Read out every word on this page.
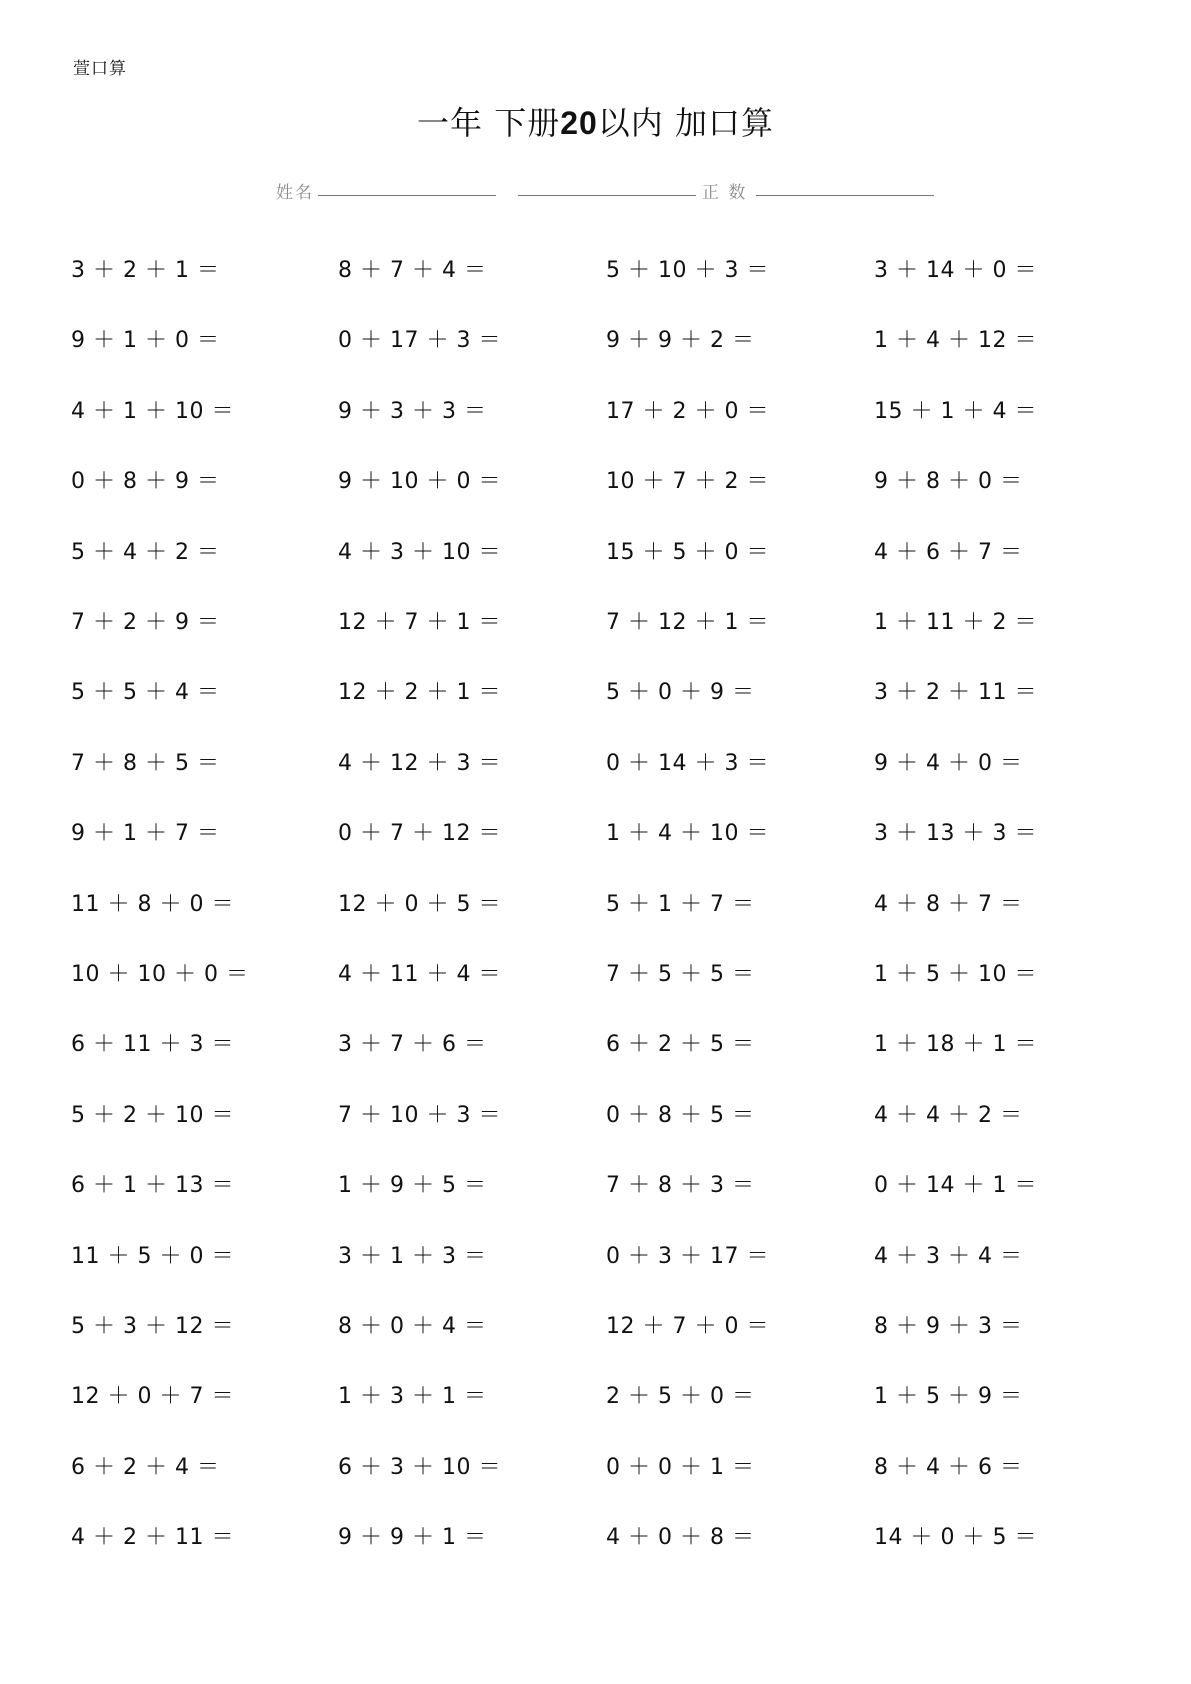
萱口算
一年 下册20以内 加口算
姓名	正 数
3 ＋ 2 ＋ 1 ＝	8 ＋ 7 ＋ 4 ＝	5 ＋ 10 ＋ 3 ＝	3 ＋ 14 ＋ 0 ＝
9 ＋ 1 ＋ 0 ＝	0 ＋ 17 ＋ 3 ＝	9 ＋ 9 ＋ 2 ＝	1 ＋ 4 ＋ 12 ＝
4 ＋ 1 ＋ 10 ＝	9 ＋ 3 ＋ 3 ＝	17 ＋ 2 ＋ 0 ＝	15 ＋ 1 ＋ 4 ＝
0 ＋ 8 ＋ 9 ＝	9 ＋ 10 ＋ 0 ＝	10 ＋ 7 ＋ 2 ＝	9 ＋ 8 ＋ 0 ＝
5 ＋ 4 ＋ 2 ＝	4 ＋ 3 ＋ 10 ＝	15 ＋ 5 ＋ 0 ＝	4 ＋ 6 ＋ 7 ＝
7 ＋ 2 ＋ 9 ＝	12 ＋ 7 ＋ 1 ＝	7 ＋ 12 ＋ 1 ＝	1 ＋ 11 ＋ 2 ＝
5 ＋ 5 ＋ 4 ＝	12 ＋ 2 ＋ 1 ＝	5 ＋ 0 ＋ 9 ＝	3 ＋ 2 ＋ 11 ＝
7 ＋ 8 ＋ 5 ＝	4 ＋ 12 ＋ 3 ＝	0 ＋ 14 ＋ 3 ＝	9 ＋ 4 ＋ 0 ＝
9 ＋ 1 ＋ 7 ＝	0 ＋ 7 ＋ 12 ＝	1 ＋ 4 ＋ 10 ＝	3 ＋ 13 ＋ 3 ＝
11 ＋ 8 ＋ 0 ＝	12 ＋ 0 ＋ 5 ＝	5 ＋ 1 ＋ 7 ＝	4 ＋ 8 ＋ 7 ＝
10 ＋ 10 ＋ 0 ＝	4 ＋ 11 ＋ 4 ＝	7 ＋ 5 ＋ 5 ＝	1 ＋ 5 ＋ 10 ＝
6 ＋ 11 ＋ 3 ＝	3 ＋ 7 ＋ 6 ＝	6 ＋ 2 ＋ 5 ＝	1 ＋ 18 ＋ 1 ＝
5 ＋ 2 ＋ 10 ＝	7 ＋ 10 ＋ 3 ＝	0 ＋ 8 ＋ 5 ＝	4 ＋ 4 ＋ 2 ＝
6 ＋ 1 ＋ 13 ＝	1 ＋ 9 ＋ 5 ＝	7 ＋ 8 ＋ 3 ＝	0 ＋ 14 ＋ 1 ＝
11 ＋ 5 ＋ 0 ＝	3 ＋ 1 ＋ 3 ＝	0 ＋ 3 ＋ 17 ＝	4 ＋ 3 ＋ 4 ＝
5 ＋ 3 ＋ 12 ＝	8 ＋ 0 ＋ 4 ＝	12 ＋ 7 ＋ 0 ＝	8 ＋ 9 ＋ 3 ＝
12 ＋ 0 ＋ 7 ＝	1 ＋ 3 ＋ 1 ＝	2 ＋ 5 ＋ 0 ＝	1 ＋ 5 ＋ 9 ＝
6 ＋ 2 ＋ 4 ＝	6 ＋ 3 ＋ 10 ＝	0 ＋ 0 ＋ 1 ＝	8 ＋ 4 ＋ 6 ＝
4 ＋ 2 ＋ 11 ＝	9 ＋ 9 ＋ 1 ＝	4 ＋ 0 ＋ 8 ＝	14 ＋ 0 ＋ 5 ＝
